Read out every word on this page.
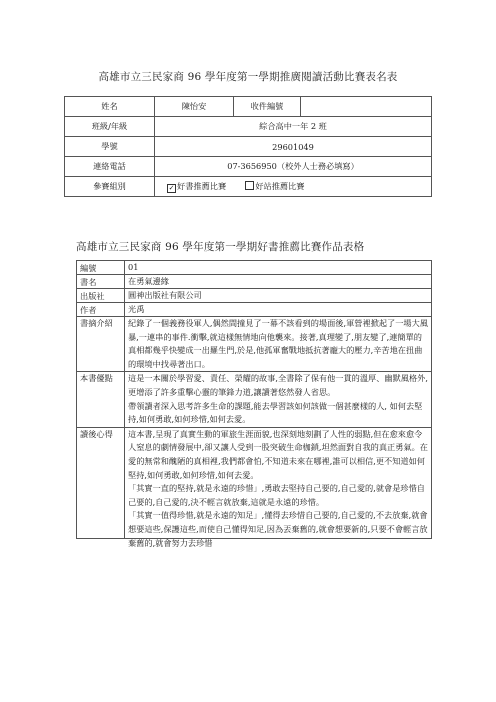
高雄市立三民家商 96 學年度第一學期推廣閱讀活動比賽表名表
姓名	陳怡安	收件編號	
班級/年級	綜合高中一年 2 班		
學號	29601049		
連絡電話	07-3656950（校外人士務必填寫）		
參賽組別	✓ 好書推薦比賽 好站推薦比賽		
高雄市立三民家商 96 學年度第一學期好書推薦比賽作品表格
編號	01
書名	在勇氣邊緣
出版社	圓神出版社有限公司
作者	光禹
書摘介紹	紀錄了一個義務役軍人,偶然間撞見了一幕不該看到的場面後,軍營裡掀起了一場大風暴,一連串的事件.衝擊,就這樣無情地向他襲來。接著,真理變了,朋友變了,連簡單的真相都幾乎快變成一出羅生門,於是,他孤軍奮戰地抵抗著龐大的壓力,辛苦地在扭曲的環境中找尋著出口。

本書優點	這是一本關於學習愛、責任、榮耀的故事,全書除了保有他一貫的溫厚、幽默風格外,更增添了許多重擊心靈的筆鋒力道,讓讀著悠然發人省思。

帶領讀者深入思考許多生命的課題,能去學習該如何該做一個甚麼樣的人, 如何去堅持,如何勇敢,如何珍惜,如何去愛。

讀後心得	這本書,呈現了真實生動的軍旅生涯面貌,也深刻地刻劃了人性的弱點,但在愈來愈令人窒息的劇情發展中,卻又讓人受到一股突破生命枷鎖,坦然面對自我的真正勇氣。在愛的無常和醜陋的真相裡,我們都會怕,不知道未來在哪裡,誰可以相信,更不知道如何堅持,如何勇敢,如何珍惜,如何去愛。

「其實一直的堅持,就是永遠的珍惜」,勇敢去堅持自己要的,自己愛的,就會是珍惜自己要的,自己愛的,決不輕言就放棄,這就是永遠的珍惜。

「其實一值得珍惜,就是永遠的知足」,懂得去珍惜自己要的,自己愛的,不去放棄,就會想要這些,保護這些,而使自己懂得知足,因為丟棄舊的,就會想要新的,只要不會輕言放棄舊的,就會努力去珍惜
